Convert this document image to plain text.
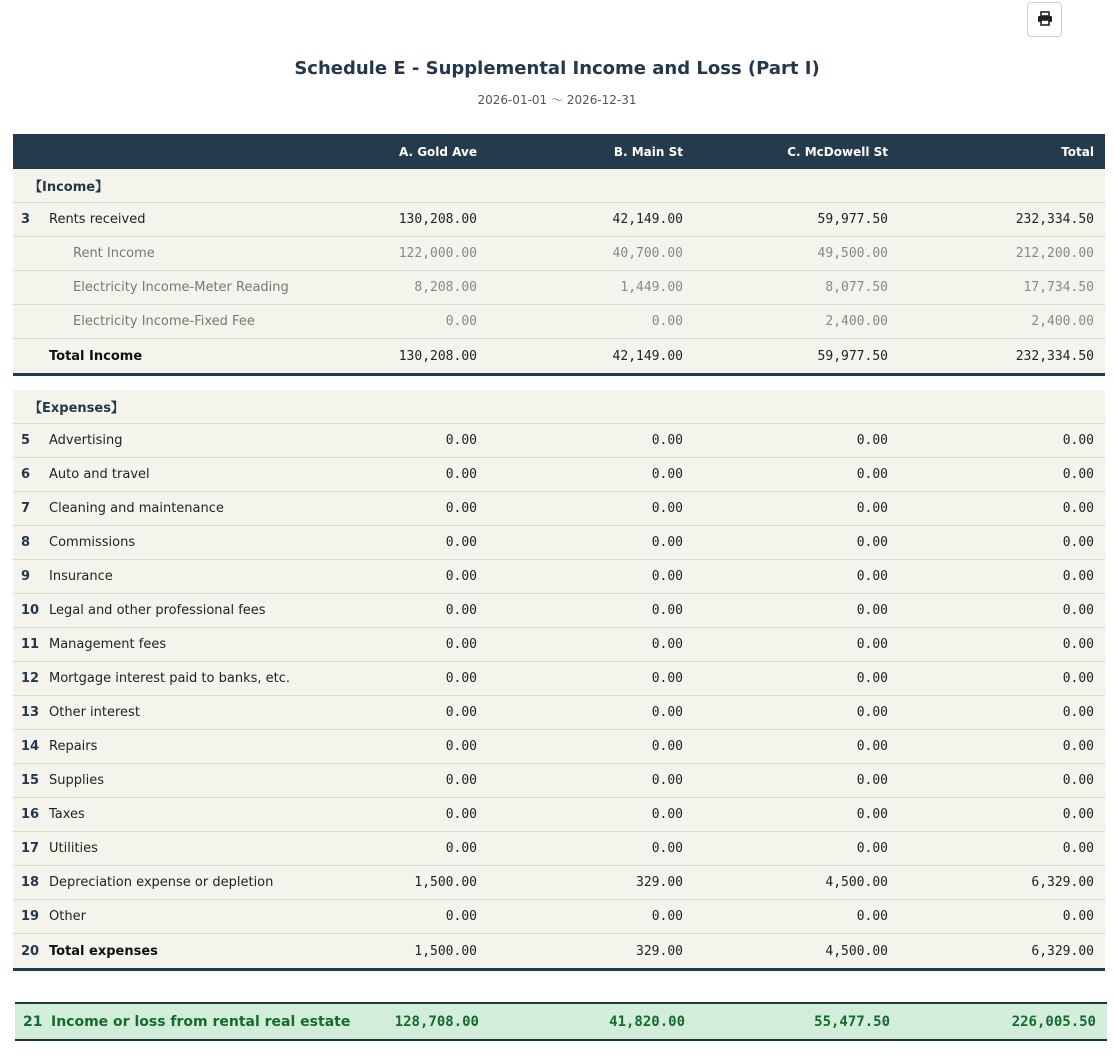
Schedule E - Supplemental Income and Loss (Part I)
2026-01-01 〜 2026-12-31
A. Gold Ave	B. Main St	C. McDowell St	Total
【Income】
3	Rents received	130,208.00	42,149.00	59,977.50	232,334.50
Rent Income	122,000.00	40,700.00	49,500.00	212,200.00
Electricity Income-Meter Reading	8,208.00	1,449.00	8,077.50	17,734.50
Electricity Income-Fixed Fee	0.00	0.00	2,400.00	2,400.00
Total Income	130,208.00	42,149.00	59,977.50	232,334.50
【Expenses】
5	Advertising	0.00	0.00	0.00	0.00
6	Auto and travel	0.00	0.00	0.00	0.00
7	Cleaning and maintenance	0.00	0.00	0.00	0.00
8	Commissions	0.00	0.00	0.00	0.00
9	Insurance	0.00	0.00	0.00	0.00
10 Legal and other professional fees	0.00	0.00	0.00	0.00
11 Management fees	0.00	0.00	0.00	0.00
12 Mortgage interest paid to banks, etc.	0.00	0.00	0.00	0.00
13 Other interest	0.00	0.00	0.00	0.00
14 Repairs	0.00	0.00	0.00	0.00
15 Supplies	0.00	0.00	0.00	0.00
16 Taxes	0.00	0.00	0.00	0.00
17 Utilities	0.00	0.00	0.00	0.00
18 Depreciation expense or depletion	1,500.00	329.00	4,500.00	6,329.00
19 Other	0.00	0.00	0.00	0.00
20 Total expenses	1,500.00	329.00	4,500.00	6,329.00
21 Income or loss from rental real estate	128,708.00	41,820.00	55,477.50	226,005.50
